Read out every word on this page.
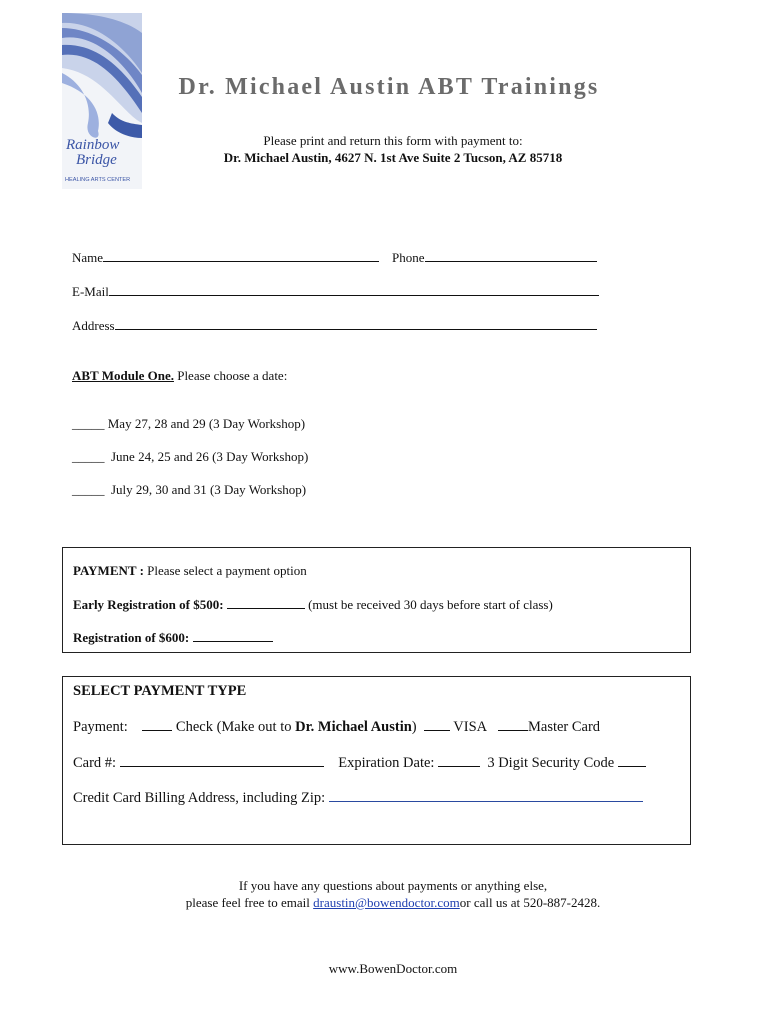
Rainbow
Bridge
HEALING ARTS CENTER
Dr. Michael Austin ABT Trainings
Please print and return this form with payment to:
Dr. Michael Austin, 4627 N. 1st Ave Suite 2 Tucson, AZ 85718
Name	Phone
E-Mail
Address
ABT Module One. Please choose a date:
_____ May 27, 28 and 29 (3 Day Workshop)
_____ June 24, 25 and 26 (3 Day Workshop)
_____ July 29, 30 and 31 (3 Day Workshop)
PAYMENT : Please select a payment option
Early Registration of $500:	(must be received 30 days before start of class)
Registration of $600:
SELECT PAYMENT TYPE
Payment:	Check (Make out to Dr. Michael Austin)	VISA	Master Card
Card #:	Expiration Date:	3 Digit Security Code
Credit Card Billing Address, including Zip:
If you have any questions about payments or anything else,
please feel free to email draustin@bowendoctor.comor call us at 520-887-2428.
www.BowenDoctor.com
